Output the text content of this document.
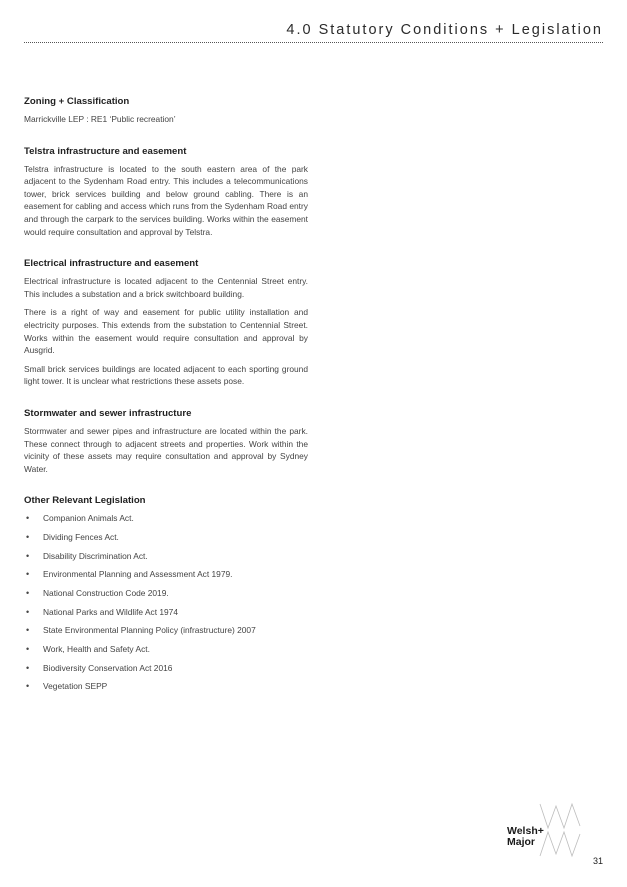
4.0 Statutory Conditions + Legislation
Zoning + Classification

Marrickville LEP : RE1 ‘Public recreation’

Telstra infrastructure and easement

Telstra infrastructure is located to the south eastern area of the park adjacent to the Sydenham Road entry. This includes a telecommunications tower, brick services building and below ground cabling. There is an easement for cabling and access which runs from the Sydenham Road entry and through the carpark to the services building. Works within the easement would require consultation and approval by Telstra.

Electrical infrastructure and easement

Electrical infrastructure is located adjacent to the Centennial Street entry. This includes a substation and a brick switchboard building.

There is a right of way and easement for public utility installation and electricity purposes. This extends from the substation to Centennial Street. Works within the easement would require consultation and approval by Ausgrid.

Small brick services buildings are located adjacent to each sporting ground light tower. It is unclear what restrictions these assets pose.

Stormwater and sewer infrastructure

Stormwater and sewer pipes and infrastructure are located within the park. These connect through to adjacent streets and properties. Work within the vicinity of these assets may require consultation and approval by Sydney Water.

Other Relevant Legislation
• Companion Animals Act.
• Dividing Fences Act.
• Disability Discrimination Act.
• Environmental Planning and Assessment Act 1979.
• National Construction Code 2019.
• National Parks and Wildlife Act 1974
• State Environmental Planning Policy (infrastructure) 2007
• Work, Health and Safety Act.
• Biodiversity Conservation Act 2016
• Vegetation SEPP
Welsh+
Major
31
